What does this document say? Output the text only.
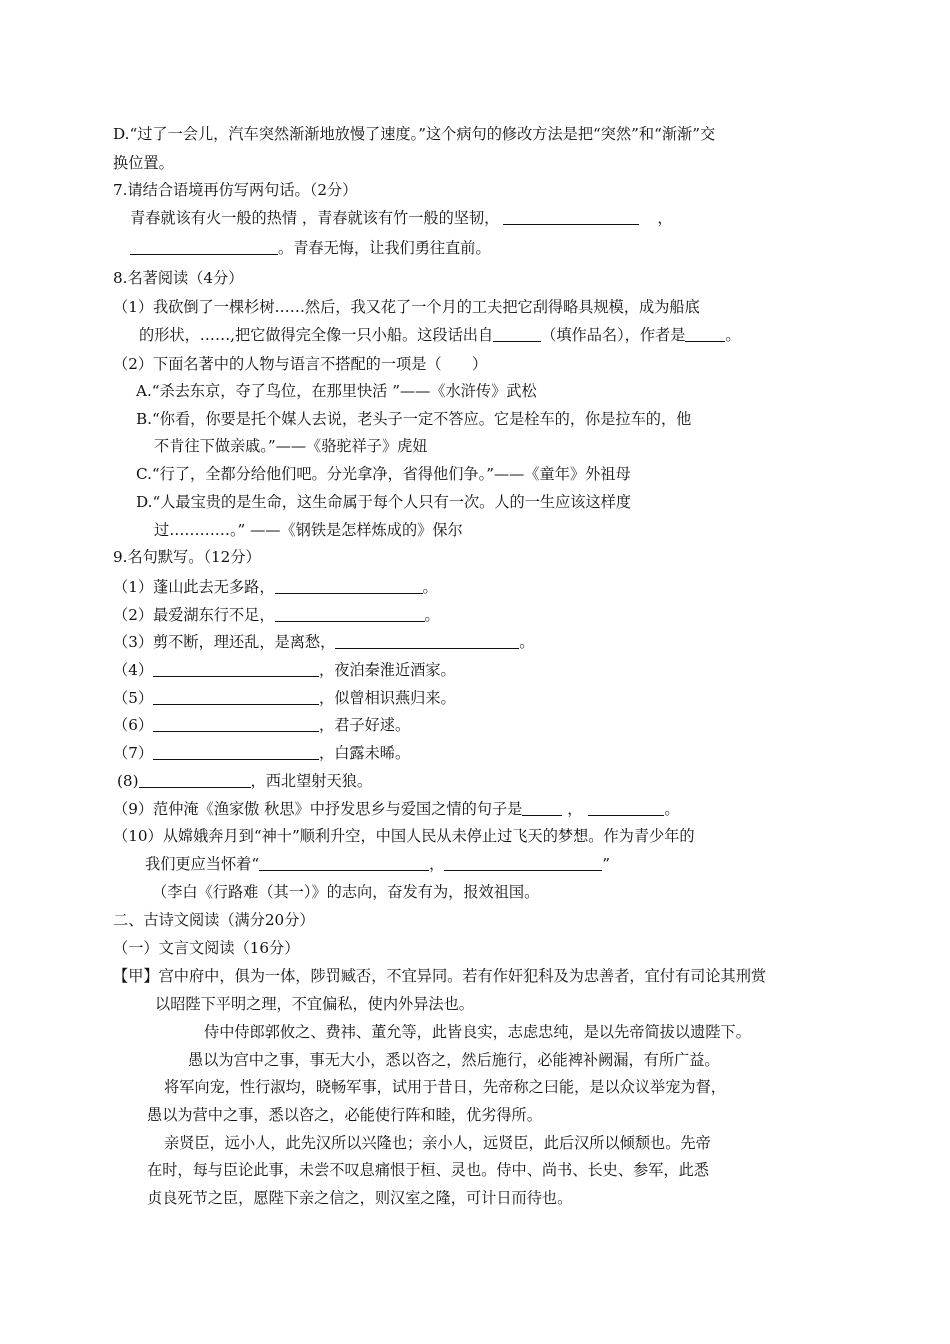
D.“过了一会儿，汽车突然渐渐地放慢了速度。”这个病句的修改方法是把“突然”和“渐渐”交
换位置。
7.请结合语境再仿写两句话。（2分）
青春就该有火一般的热情 ，青春就该有竹一般的坚韧，	，
。青春无悔，让我们勇往直前。
8.名著阅读（4分）
（1）我砍倒了一棵杉树……然后，我又花了一个月的工夫把它刮得略具规模，成为船底
的形状，……,把它做得完全像一只小船。这段话出自	（填作品名），作者是	。
（2）下面名著中的人物与语言不搭配的一项是（　　）
A.“杀去东京，夺了鸟位，在那里快活 ”——《水浒传》武松
B.“你看，你要是托个媒人去说，老头子一定不答应。它是栓车的，你是拉车的，他
不肯往下做亲戚。”——《骆驼祥子》虎妞
C.“行了，全都分给他们吧。分光拿净，省得他们争。”——《童年》外祖母
D.“人最宝贵的是生命，这生命属于每个人只有一次。人的一生应该这样度
过…………。” ——《钢铁是怎样炼成的》保尔
9.名句默写。（12分）
（1）蓬山此去无多路，	。
（2）最爱湖东行不足，	。
（3）剪不断，理还乱，是离愁，	。
（4）	，夜泊秦淮近酒家。
（5）	，似曾相识燕归来。
（6）	，君子好逑。
（7）	，白露未晞。
(8)	，西北望射天狼。
（9）范仲淹《渔家傲 秋思》中抒发思乡与爱国之情的句子是	，	。
（10）从嫦娥奔月到“神十”顺利升空，中国人民从未停止过飞天的梦想。作为青少年的
我们更应当怀着“	，	”
（李白《行路难（其一）》的志向，奋发有为，报效祖国。
二、古诗文阅读（满分20分）
（一）文言文阅读（16分）
【甲】宫中府中，俱为一体，陟罚臧否，不宜异同。若有作奸犯科及为忠善者，宜付有司论其刑赏
以昭陛下平明之理，不宜偏私，使内外异法也。
侍中侍郎郭攸之、费祎、董允等，此皆良实，志虑忠纯，是以先帝简拔以遗陛下。
愚以为宫中之事，事无大小，悉以咨之，然后施行，必能裨补阙漏，有所广益。
将军向宠，性行淑均，晓畅军事，试用于昔日，先帝称之曰能，是以众议举宠为督，
愚以为营中之事，悉以咨之，必能使行阵和睦，优劣得所。
亲贤臣，远小人，此先汉所以兴隆也；亲小人，远贤臣，此后汉所以倾颓也。先帝
在时，每与臣论此事，未尝不叹息痛恨于桓、灵也。侍中、尚书、长史、参军，此悉
贞良死节之臣，愿陛下亲之信之，则汉室之隆，可计日而待也。
